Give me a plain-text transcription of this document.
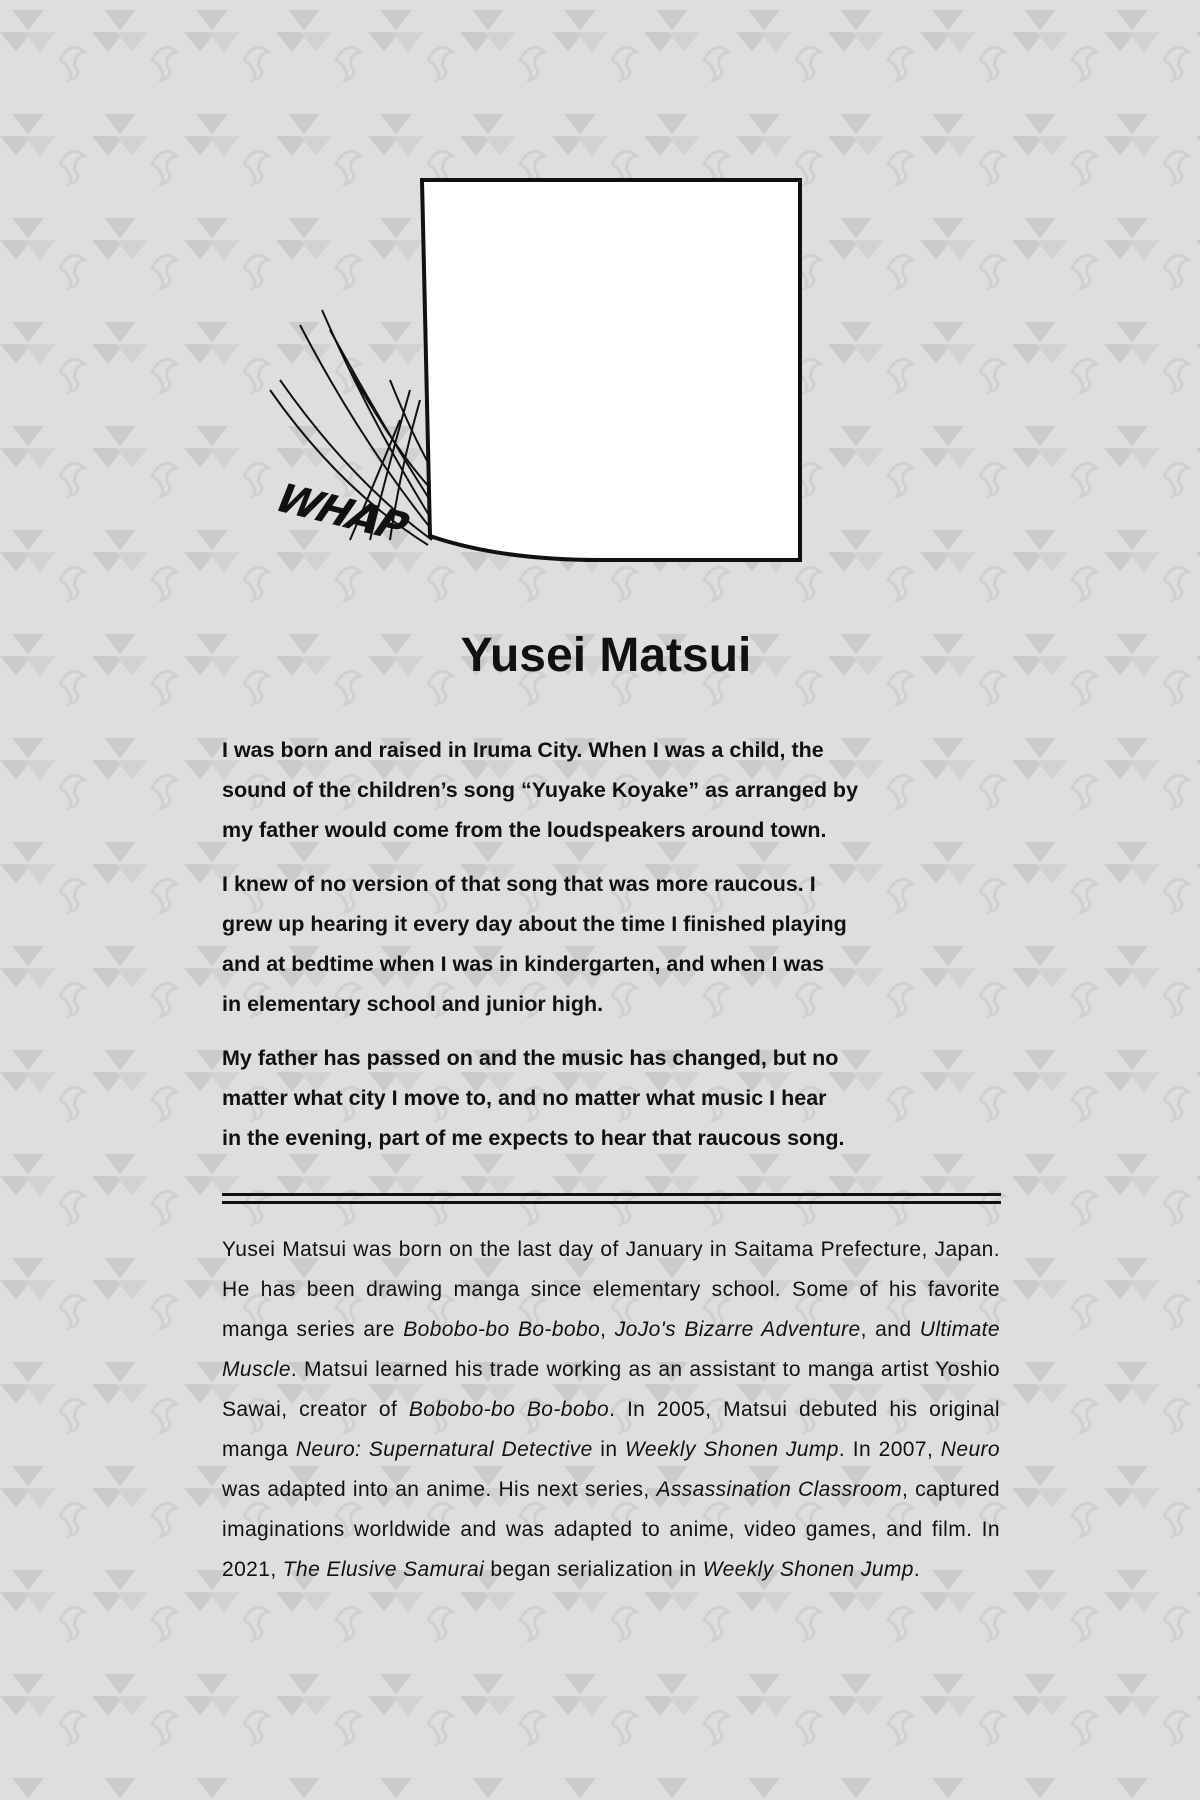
WHAP
Yusei Matsui
I was born and raised in Iruma City. When I was a child, the
sound of the children’s song “Yuyake Koyake” as arranged by
my father would come from the loudspeakers around town.
I knew of no version of that song that was more raucous. I
grew up hearing it every day about the time I finished playing
and at bedtime when I was in kindergarten, and when I was
in elementary school and junior high.
My father has passed on and the music has changed, but no
matter what city I move to, and no matter what music I hear
in the evening, part of me expects to hear that raucous song.
Yusei Matsui was born on the last day of January in Saitama Prefecture, Japan. He has been drawing manga since elementary school. Some of his favorite manga series are Bobobo-bo Bo-bobo, JoJo's Bizarre Adventure, and Ultimate Muscle. Matsui learned his trade working as an assistant to manga artist Yoshio Sawai, creator of Bobobo-bo Bo-bobo. In 2005, Matsui debuted his original manga Neuro: Supernatural Detective in Weekly Shonen Jump. In 2007, Neuro was adapted into an anime. His next series, Assassination Classroom, captured imaginations worldwide and was adapted to anime, video games, and film. In 2021, The Elusive Samurai began serialization in Weekly Shonen Jump.
